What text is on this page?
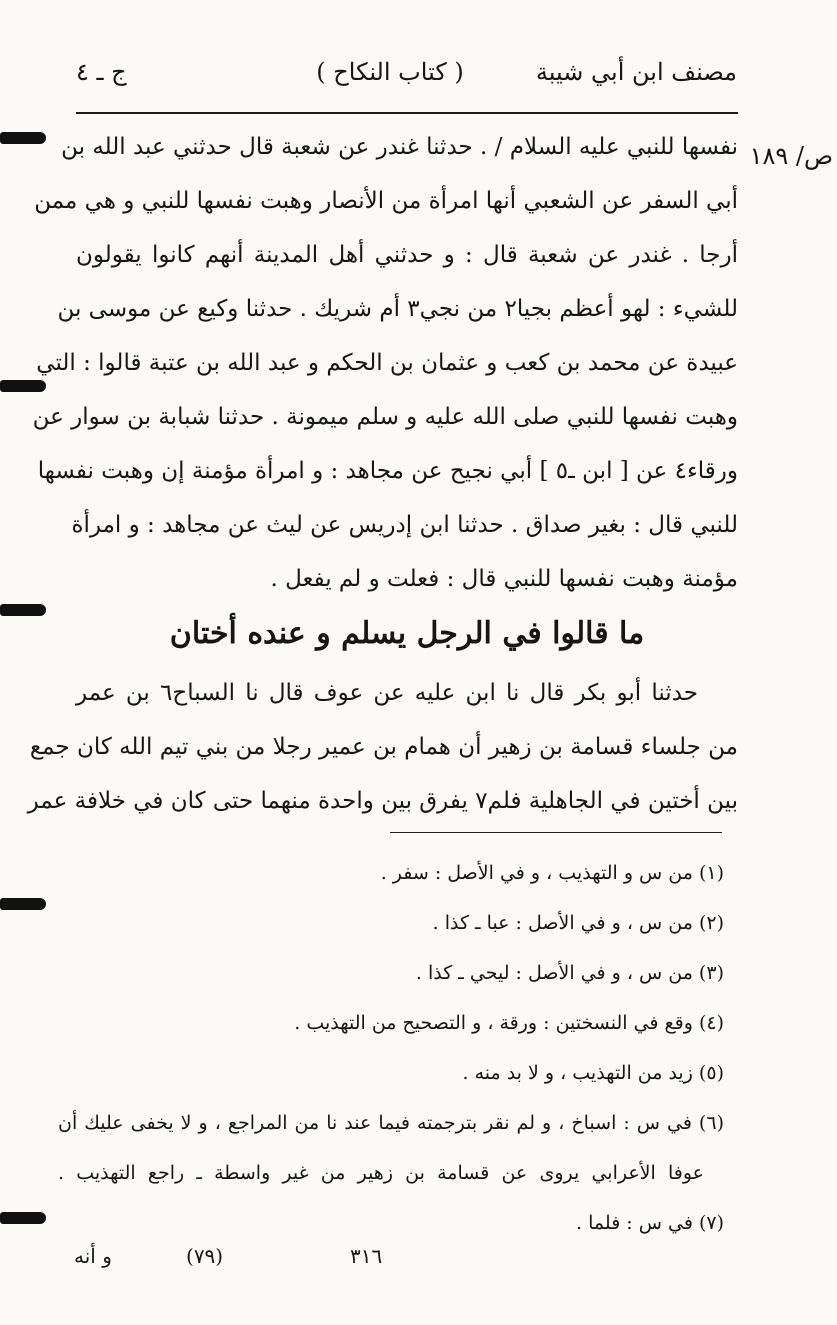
مصنف ابن أبي شيبة
( كتاب النكاح )
ج ـ ٤
ص/ ١٨٩
نفسها للنبي عليه السلام / . حدثنا غندر عن شعبة قال حدثني عبد الله بن
أبي السفر عن الشعبي أنها امرأة من الأنصار وهبت نفسها للنبي و هي ممن
أرجا . غندر عن شعبة قال : و حدثني أهل المدينة أنهم كانوا يقولون
للشيء : لهو أعظم بجيا٢ من نجي٣ أم شريك . حدثنا وكيع عن موسى بن
عبيدة عن محمد بن كعب و عثمان بن الحكم و عبد الله بن عتبة قالوا : التي
وهبت نفسها للنبي صلى الله عليه و سلم ميمونة . حدثنا شبابة بن سوار عن
ورقاء٤ عن [ ابن ـ٥ ] أبي نجيح عن مجاهد : و امرأة مؤمنة إن وهبت نفسها
للنبي قال : بغير صداق . حدثنا ابن إدريس عن ليث عن مجاهد : و امرأة
مؤمنة وهبت نفسها للنبي قال : فعلت و لم يفعل .
ما قالوا في الرجل يسلم و عنده أختان
حدثنا أبو بكر قال نا ابن عليه عن عوف قال نا السباح٦ بن عمر
من جلساء قسامة بن زهير أن همام بن عمير رجلا من بني تيم الله كان جمع
بين أختين في الجاهلية فلم٧ يفرق بين واحدة منهما حتى كان في خلافة عمر
(١) من س و التهذيب ، و في الأصل : سفر .
(٢) من س ، و في الأصل : عبا ـ كذا .
(٣) من س ، و في الأصل : ليحي ـ كذا .
(٤) وقع في النسختين : ورقة ، و التصحيح من التهذيب .
(٥) زيد من التهذيب ، و لا بد منه .
(٦) في س : اسباخ ، و لم نقر بترجمته فيما عند نا من المراجع ، و لا يخفى عليك أن
عوفا الأعرابي يروى عن قسامة بن زهير من غير واسطة ـ راجع التهذيب .
(٧) في س : فلما .
٣١٦
(٧٩)
و أنه
